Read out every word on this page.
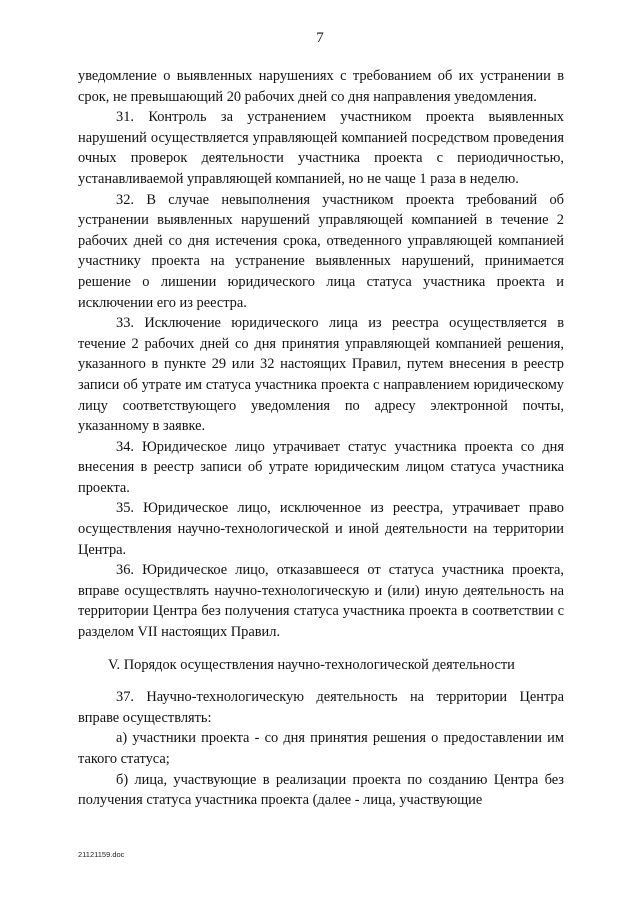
7

уведомление о выявленных нарушениях с требованием об их устранении в срок, не превышающий 20 рабочих дней со дня направления уведомления.

31. Контроль за устранением участником проекта выявленных нарушений осуществляется управляющей компанией посредством проведения очных проверок деятельности участника проекта с периодичностью, устанавливаемой управляющей компанией, но не чаще 1 раза в неделю.

32. В случае невыполнения участником проекта требований об устранении выявленных нарушений управляющей компанией в течение 2 рабочих дней со дня истечения срока, отведенного управляющей компанией участнику проекта на устранение выявленных нарушений, принимается решение о лишении юридического лица статуса участника проекта и исключении его из реестра.

33. Исключение юридического лица из реестра осуществляется в течение 2 рабочих дней со дня принятия управляющей компанией решения, указанного в пункте 29 или 32 настоящих Правил, путем внесения в реестр записи об утрате им статуса участника проекта с направлением юридическому лицу соответствующего уведомления по адресу электронной почты, указанному в заявке.

34. Юридическое лицо утрачивает статус участника проекта со дня внесения в реестр записи об утрате юридическим лицом статуса участника проекта.

35. Юридическое лицо, исключенное из реестра, утрачивает право осуществления научно-технологической и иной деятельности на территории Центра.

36. Юридическое лицо, отказавшееся от статуса участника проекта, вправе осуществлять научно-технологическую и (или) иную деятельность на территории Центра без получения статуса участника проекта в соответствии с разделом VII настоящих Правил.

V. Порядок осуществления научно-технологической деятельности

37. Научно-технологическую деятельность на территории Центра вправе осуществлять:

а) участники проекта - со дня принятия решения о предоставлении им такого статуса;

б) лица, участвующие в реализации проекта по созданию Центра без получения статуса участника проекта (далее - лица, участвующие

21121159.doc
